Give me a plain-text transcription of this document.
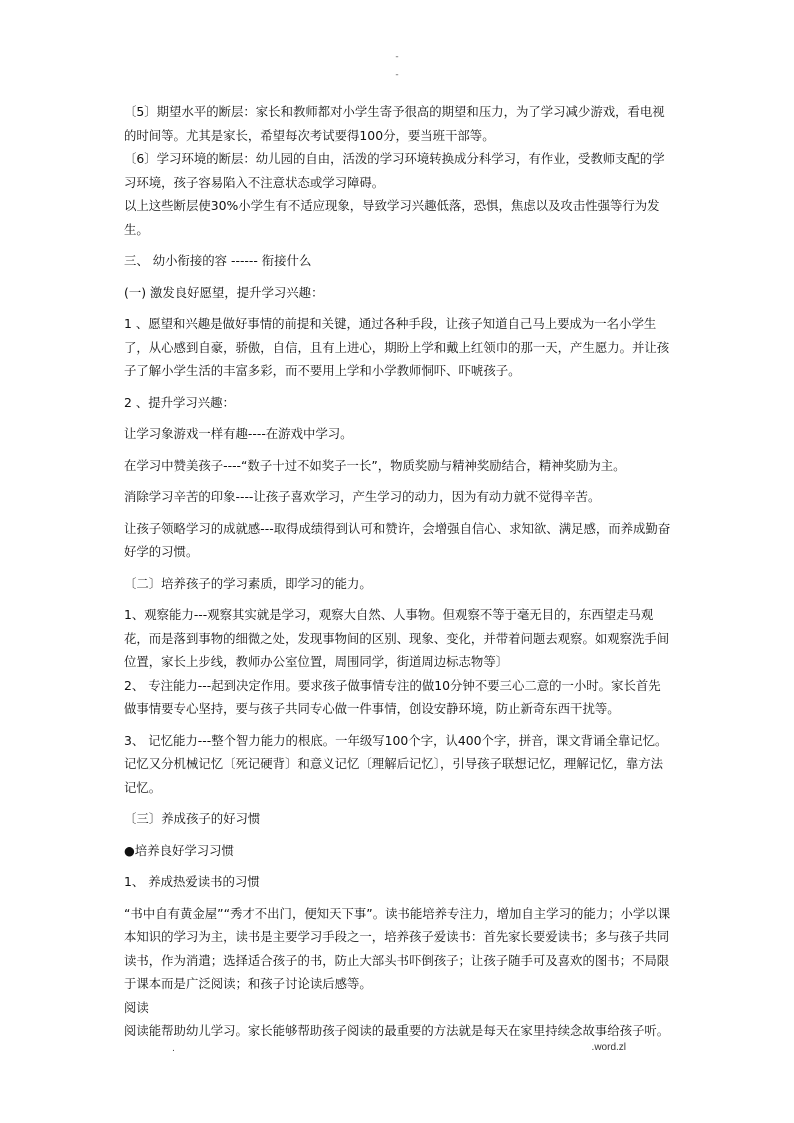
-
-

〔5〕期望水平的断层：家长和教师都对小学生寄予很高的期望和压力，为了学习减少游戏，看电视的时间等。尤其是家长，希望每次考试要得100分，要当班干部等。

〔6〕学习环境的断层：幼儿园的自由，活泼的学习环境转换成分科学习，有作业，受教师支配的学习环境，孩子容易陷入不注意状态或学习障碍。

以上这些断层使30%小学生有不适应现象，导致学习兴趣低落，恐惧，焦虑以及攻击性强等行为发生。

三、 幼小衔接的容 ------ 衔接什么

(一) 激发良好愿望，提升学习兴趣：

1 、愿望和兴趣是做好事情的前提和关键，通过各种手段，让孩子知道自己马上要成为一名小学生了，从心感到自豪，骄傲，自信，且有上进心，期盼上学和戴上红领巾的那一天，产生愿力。并让孩子了解小学生活的丰富多彩，而不要用上学和小学教师恫吓、吓唬孩子。

2 、提升学习兴趣：

让学习象游戏一样有趣----在游戏中学习。

在学习中赞美孩子----“数子十过不如奖子一长”，物质奖励与精神奖励结合，精神奖励为主。

消除学习辛苦的印象----让孩子喜欢学习，产生学习的动力，因为有动力就不觉得辛苦。

让孩子领略学习的成就感---取得成绩得到认可和赞许，会增强自信心、求知欲、满足感，而养成勤奋好学的习惯。

〔二〕培养孩子的学习素质，即学习的能力。

1、观察能力---观察其实就是学习，观察大自然、人事物。但观察不等于毫无目的，东西望走马观花，而是落到事物的细微之处，发现事物间的区别、现象、变化，并带着问题去观察。如观察洗手间位置，家长上步线，教师办公室位置，周围同学，街道周边标志物等〕

2、 专注能力---起到决定作用。要求孩子做事情专注的做10分钟不要三心二意的一小时。家长首先做事情要专心坚持，要与孩子共同专心做一件事情，创设安静环境，防止新奇东西干扰等。

3、 记忆能力---整个智力能力的根底。一年级写100个字，认400个字，拼音，课文背诵全靠记忆。记忆又分机械记忆〔死记硬背〕和意义记忆〔理解后记忆〕，引导孩子联想记忆，理解记忆，靠方法记忆。

〔三〕养成孩子的好习惯

●培养良好学习习惯

1、 养成热爱读书的习惯

“书中自有黄金屋”“秀才不出门，便知天下事”。读书能培养专注力，增加自主学习的能力；小学以课本知识的学习为主，读书是主要学习手段之一，培养孩子爱读书：首先家长要爱读书；多与孩子共同读书，作为消遣；选择适合孩子的书，防止大部头书吓倒孩子；让孩子随手可及喜欢的图书；不局限于课本而是广泛阅读；和孩子讨论读后感等。

阅读

阅读能帮助幼儿学习。家长能够帮助孩子阅读的最重要的方法就是每天在家里持续念故事给孩子听。

.	.word.zl
